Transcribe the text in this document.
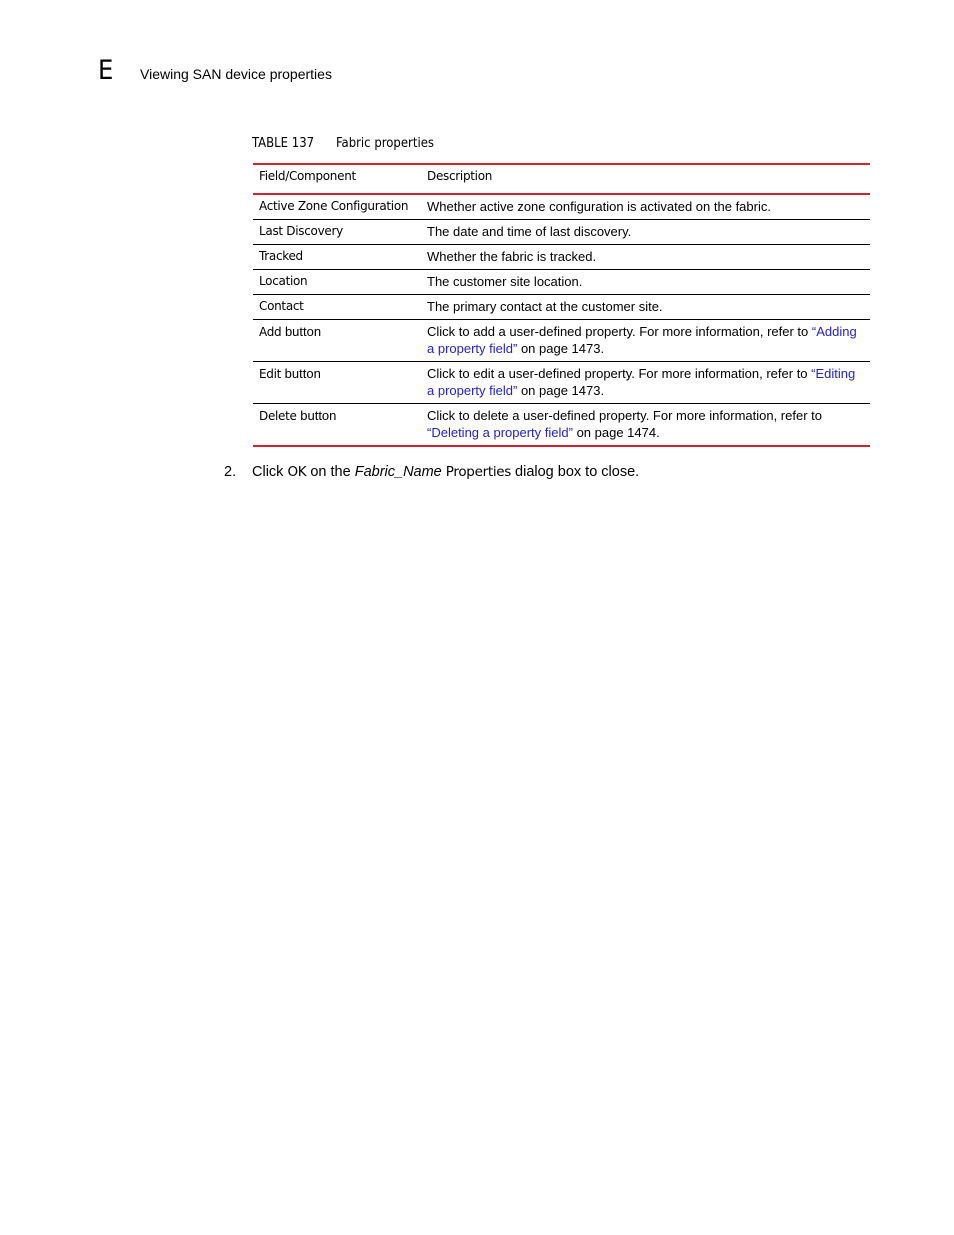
E Viewing SAN device properties
TABLE 137 Fabric properties
Field/Component	Description
Active Zone Configuration	Whether active zone configuration is activated on the fabric.
Last Discovery	The date and time of last discovery.
Tracked	Whether the fabric is tracked.
Location	The customer site location.
Contact	The primary contact at the customer site.
Add button	Click to add a user-defined property. For more information, refer to “Adding a property field” on page 1473.
Edit button	Click to edit a user-defined property. For more information, refer to “Editing a property field” on page 1473.
Delete button	Click to delete a user-defined property. For more information, refer to “Deleting a property field” on page 1474.
2. Click OK on the Fabric_Name Properties dialog box to close.
